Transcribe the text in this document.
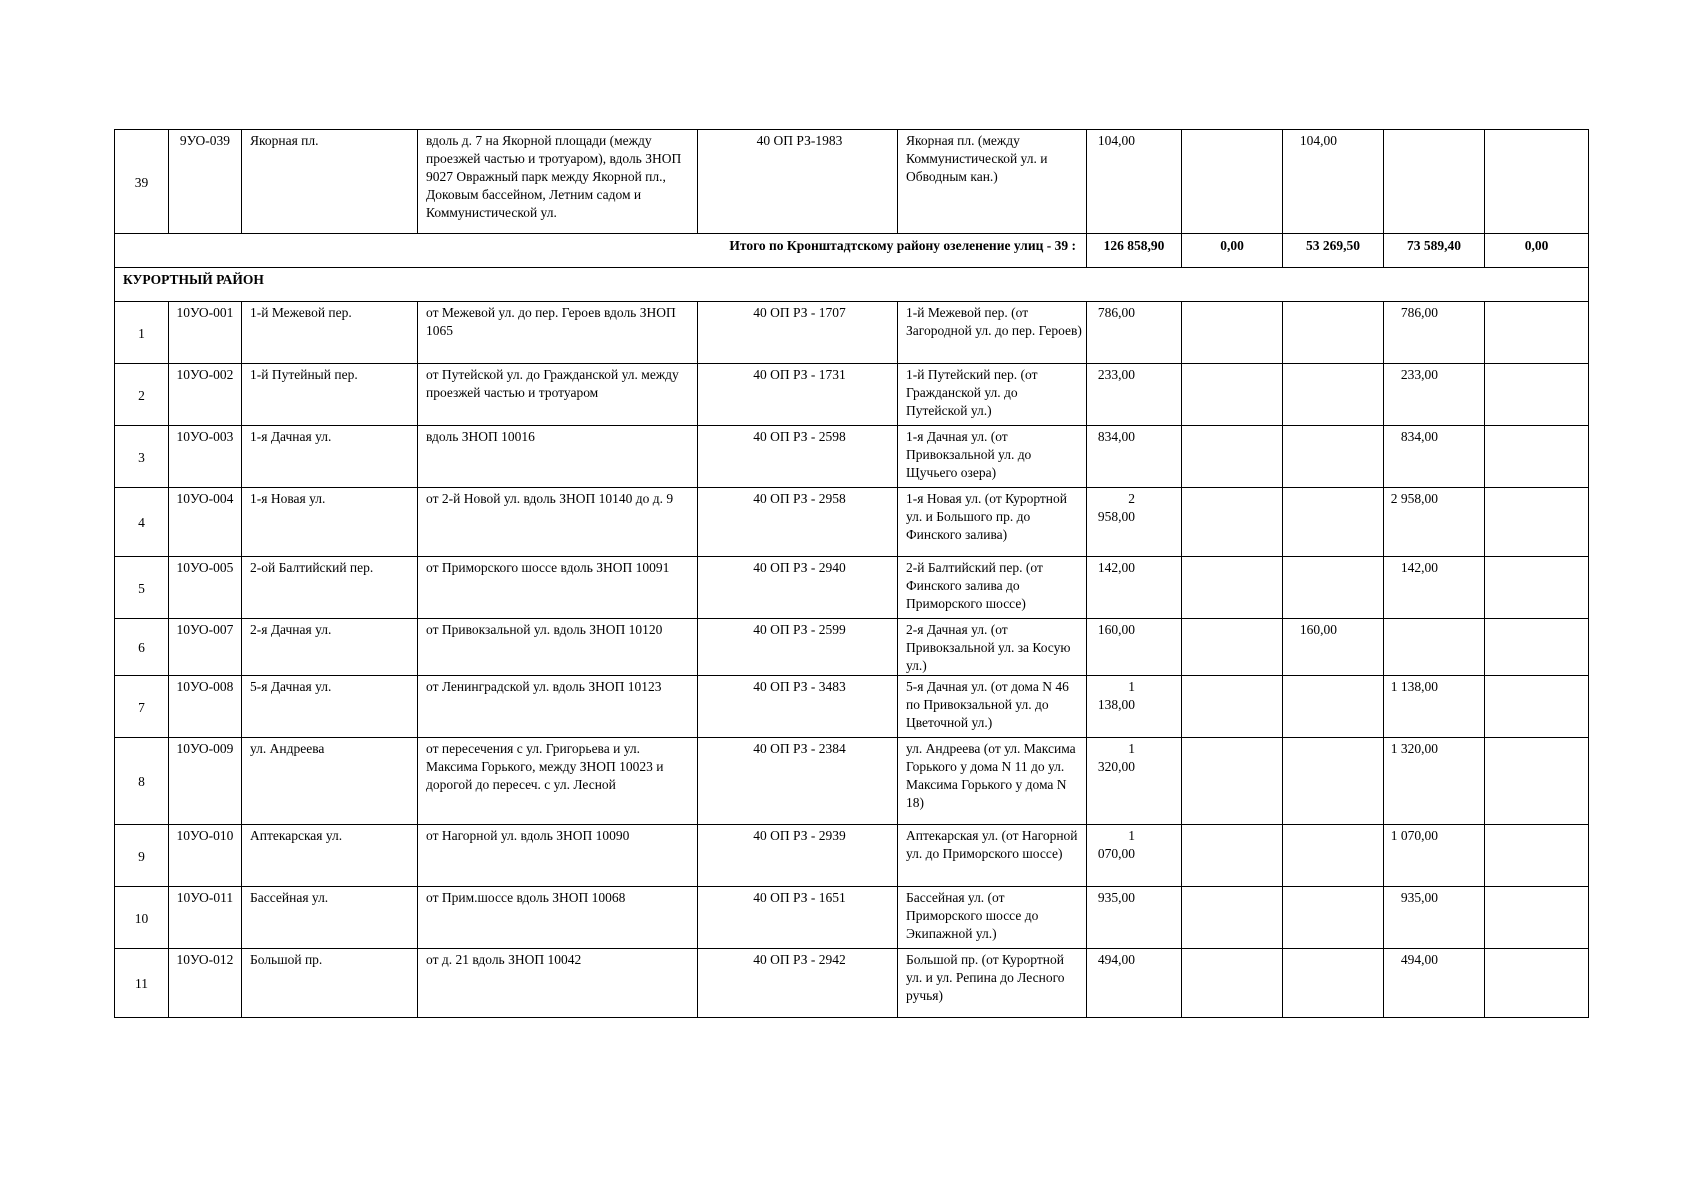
39	9УО-039	Якорная пл.	вдоль д. 7 на Якорной площади (между проезжей частью и тротуаром), вдоль ЗНОП 9027 Овражный парк между Якорной пл., Доковым бассейном, Летним садом и Коммунистической ул.	40 ОП РЗ-1983	Якорная пл. (между Коммунистической ул. и Обводным кан.)	104,00		104,00		
Итого по Кронштадтскому району озеленение улиц - 39 :						126 858,90	0,00	53 269,50	73 589,40	0,00
КУРОРТНЫЙ РАЙОН										
1	10УО-001	1-й Межевой пер.	от Межевой ул. до пер. Героев вдоль ЗНОП 1065	40 ОП РЗ - 1707	1-й Межевой пер. (от Загородной ул. до пер. Героев)	786,00			786,00	
2	10УО-002	1-й Путейный пер.	от Путейской ул. до Гражданской ул. между проезжей частью и тротуаром	40 ОП РЗ - 1731	1-й Путейский пер. (от Гражданской ул. до Путейской ул.)	233,00			233,00	
3	10УО-003	1-я Дачная ул.	вдоль ЗНОП 10016	40 ОП РЗ - 2598	1-я Дачная ул. (от Привокзальной ул. до Щучьего озера)	834,00			834,00	
4	10УО-004	1-я Новая ул.	от 2-й Новой ул. вдоль ЗНОП 10140 до д. 9	40 ОП РЗ - 2958	1-я Новая ул. (от Курортной ул. и Большого пр. до Финского залива)	2 958,00			2 958,00	
5	10УО-005	2-ой Балтийский пер.	от Приморского шоссе вдоль ЗНОП 10091	40 ОП РЗ - 2940	2-й Балтийский пер. (от Финского залива до Приморского шоссе)	142,00			142,00	
6	10УО-007	2-я Дачная ул.	от Привокзальной ул. вдоль ЗНОП 10120	40 ОП РЗ - 2599	2-я Дачная ул. (от Привокзальной ул. за Косую ул.)	160,00		160,00		
7	10УО-008	5-я Дачная ул.	от Ленинградской ул. вдоль ЗНОП 10123	40 ОП РЗ - 3483	5-я Дачная ул. (от дома N 46 по Привокзальной ул. до Цветочной ул.)	1 138,00			1 138,00	
8	10УО-009	ул. Андреева	от пересечения с ул. Григорьева и ул. Максима Горького, между ЗНОП 10023 и дорогой до пересеч. с ул. Лесной	40 ОП РЗ - 2384	ул. Андреева (от ул. Максима Горького у дома N 11 до ул. Максима Горького у дома N 18)	1 320,00			1 320,00	
9	10УО-010	Аптекарская ул.	от Нагорной ул. вдоль ЗНОП 10090	40 ОП РЗ - 2939	Аптекарская ул. (от Нагорной ул. до Приморского шоссе)	1 070,00			1 070,00	
10	10УО-011	Бассейная ул.	от Прим.шоссе вдоль ЗНОП 10068	40 ОП РЗ - 1651	Бассейная ул. (от Приморского шоссе до Экипажной ул.)	935,00			935,00	
11	10УО-012	Большой пр.	от д. 21 вдоль ЗНОП 10042	40 ОП РЗ - 2942	Большой пр. (от Курортной ул. и ул. Репина до Лесного ручья)	494,00			494,00	
